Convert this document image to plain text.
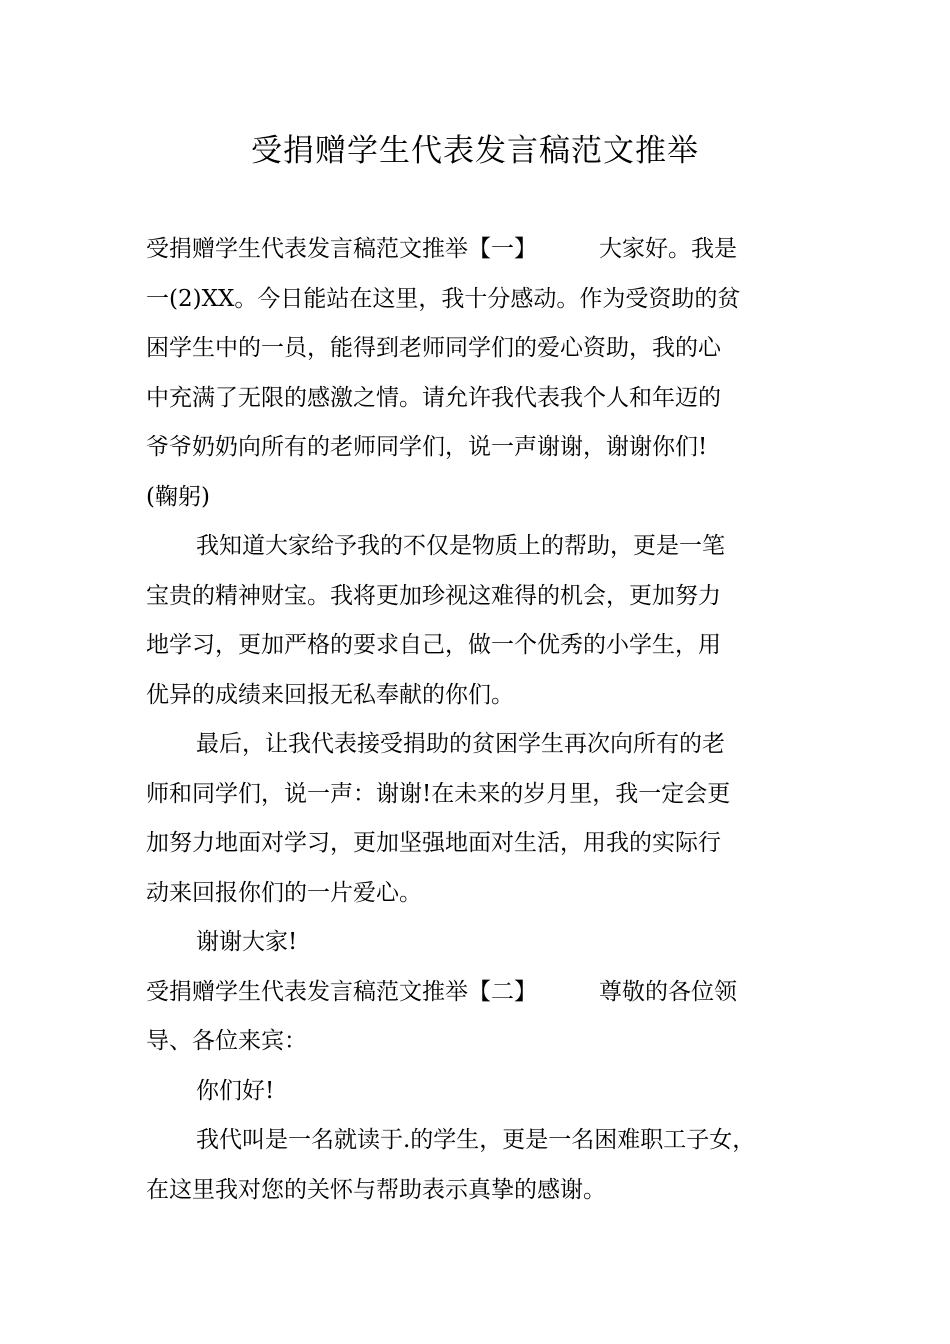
受捐赠学生代表发言稿范文推举
受捐赠学生代表发言稿范文推举【一】	大家好。我是
一(2)XX。今日能站在这里，我十分感动。作为受资助的贫
困学生中的一员，能得到老师同学们的爱心资助，我的心
中充满了无限的感激之情。请允许我代表我个人和年迈的
爷爷奶奶向所有的老师同学们，说一声谢谢，谢谢你们!
(鞠躬)
我知道大家给予我的不仅是物质上的帮助，更是一笔
宝贵的精神财宝。我将更加珍视这难得的机会，更加努力
地学习，更加严格的要求自己，做一个优秀的小学生，用
优异的成绩来回报无私奉献的你们。
最后，让我代表接受捐助的贫困学生再次向所有的老
师和同学们，说一声：谢谢!在未来的岁月里，我一定会更
加努力地面对学习，更加坚强地面对生活，用我的实际行
动来回报你们的一片爱心。
谢谢大家!
受捐赠学生代表发言稿范文推举【二】	尊敬的各位领
导、各位来宾：
你们好!
我代叫是一名就读于.的学生，更是一名困难职工子女，
在这里我对您的关怀与帮助表示真挚的感谢。
